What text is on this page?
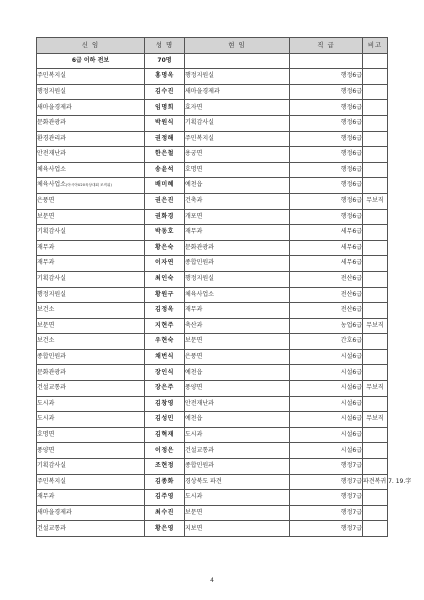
신 임	성 명	현 임	직 급	비고
6급 이하 전보	70명			
주민복지실	홍명옥	행정지원실	행정6급	
행정지원실	김수진	새마을경제과	행정6급	
새마을경제과	임명희	효자면	행정6급	
문화관광과	박원식	기획감사실	행정6급	
환경관리과	권정해	주민복지실	행정6급	
안전재난과	한은철	용궁면	행정6급	
체육사업소	송윤석	호명면	행정6급	
체육사업소(아시아U20육상대회 조직위)	배미혜	예천읍	행정6급	
은풍면	권은진	건축과	행정6급	무보직
보문면	권화경	개포면	행정6급	
기획감사실	박동호	재무과	세무6급	
재무과	황은숙	문화관광과	세무6급	
재무과	이자연	종합민원과	세무6급	
기획감사실	최인숙	행정지원실	전산6급	
행정지원실	황원구	체육사업소	전산6급	
보건소	김정옥	재무과	전산6급	
보문면	지현주	축산과	농업6급	무보직
보건소	우현숙	보문면	간호6급	
종합민원과	채번식	은풍면	시설6급	
문화관광과	장인식	예천읍	시설6급	
건설교통과	장은주	풍양면	시설6급	무보직
도시과	김창영	안전재난과	시설6급	
도시과	김성민	예천읍	시설6급	무보직
호명면	김혁재	도시과	시설6급	
풍양면	이정은	건설교통과	시설6급	
기획감사실	조현정	종합민원과	행정7급	
주민복지실	김종화	경상북도 파견	행정7급	파견복귀 7. 19.字
재무과	김주영	도시과	행정7급	
새마을경제과	최수진	보문면	행정7급	
건설교통과	황은영	지보면	행정7급	
4
